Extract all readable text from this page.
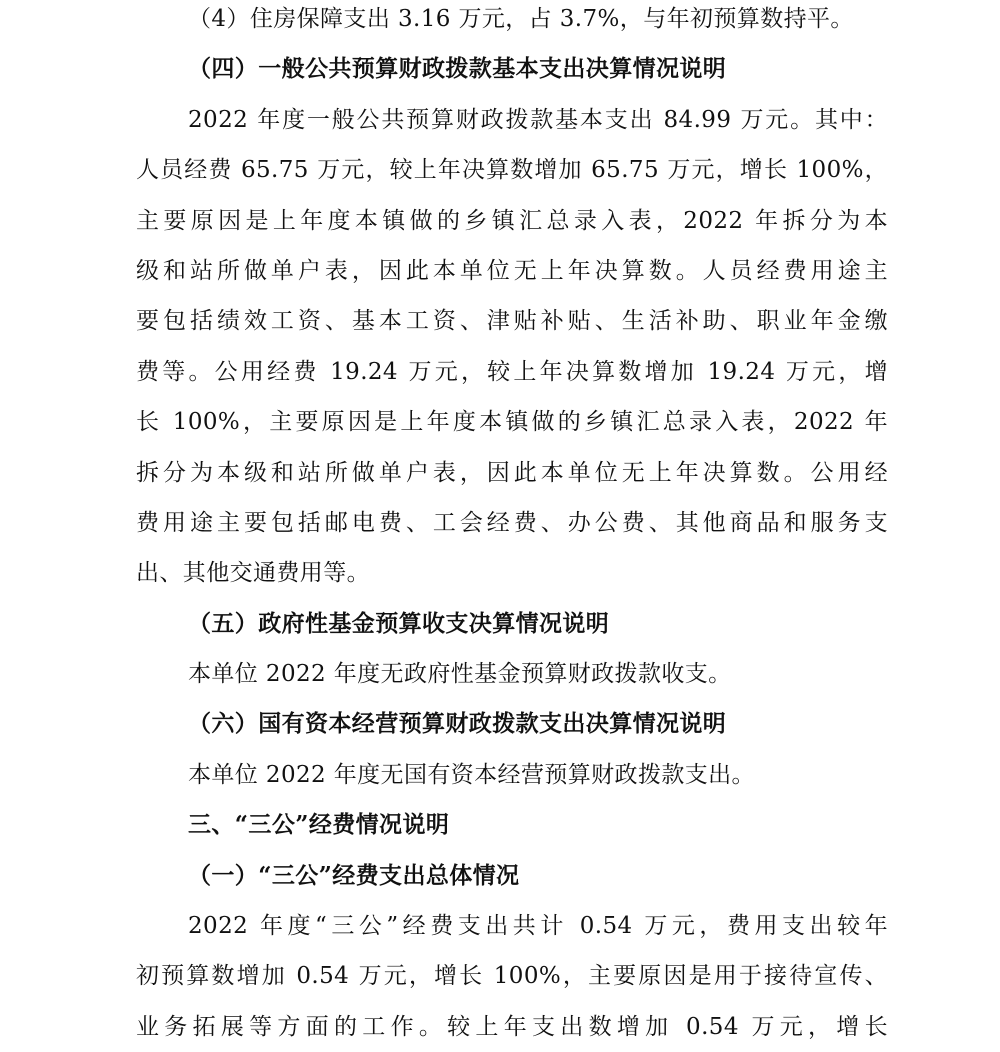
（4）住房保障支出 3.16 万元，占 3.7%，与年初预算数持平。
（四）一般公共预算财政拨款基本支出决算情况说明
2022 年度一般公共预算财政拨款基本支出 84.99 万元。其中：
人员经费 65.75 万元，较上年决算数增加 65.75 万元，增长 100%，
主要原因是上年度本镇做的乡镇汇总录入表，2022 年拆分为本
级和站所做单户表，因此本单位无上年决算数。人员经费用途主
要包括绩效工资、基本工资、津贴补贴、生活补助、职业年金缴
费等。公用经费 19.24 万元，较上年决算数增加 19.24 万元，增
长 100%，主要原因是上年度本镇做的乡镇汇总录入表，2022 年
拆分为本级和站所做单户表，因此本单位无上年决算数。公用经
费用途主要包括邮电费、工会经费、办公费、其他商品和服务支
出、其他交通费用等。
（五）政府性基金预算收支决算情况说明
本单位 2022 年度无政府性基金预算财政拨款收支。
（六）国有资本经营预算财政拨款支出决算情况说明
本单位 2022 年度无国有资本经营预算财政拨款支出。
三、“三公”经费情况说明
（一）“三公”经费支出总体情况
2022 年度“三公”经费支出共计 0.54 万元，费用支出较年
初预算数增加 0.54 万元，增长 100%，主要原因是用于接待宣传、
业务拓展等方面的工作。较上年支出数增加 0.54 万元，增长
